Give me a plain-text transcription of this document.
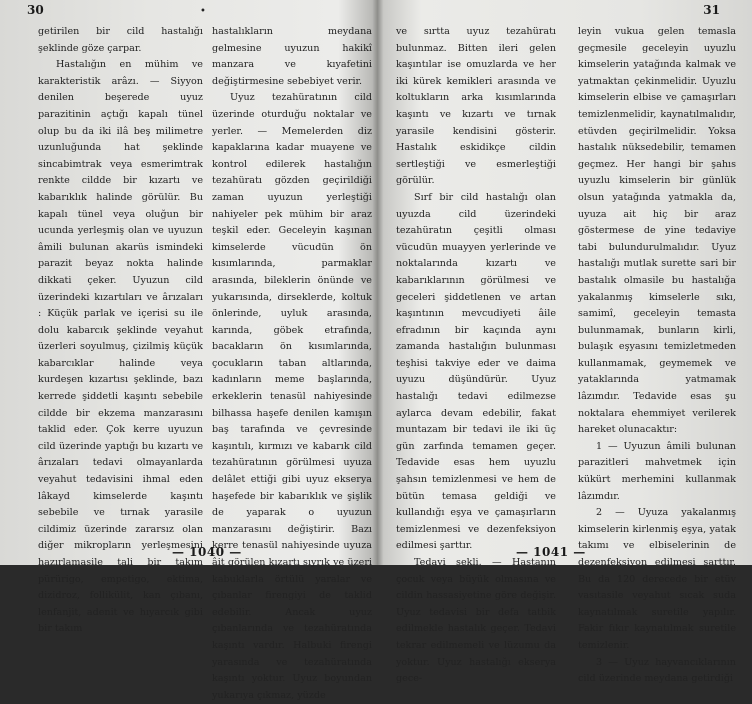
30	•

getirilen bir cild hastalığı şeklinde göze çarpar.

Hastalığın en mühim ve karakteristik arâzı. — Siyyon denilen beşerede uyuz parazitinin açtığı kapalı tünel olup bu da iki ilâ beş milimetre uzunluğunda hat şeklinde sincabimtrak veya esmerimtrak renkte cildde bir kızartı ve kabarıklık halinde görülür. Bu kapalı tünel veya oluğun bir ucunda yerleşmiş olan ve uyuzun âmili bulunan akarüs ismindeki parazit beyaz nokta halinde dikkati çeker. Uyuzun cild üzerindeki kızartıları ve ârızaları : Küçük parlak ve içerisi su ile dolu kabarcık şeklinde veyahut üzerleri soyulmuş, çizilmiş küçük kabarcıklar halinde veya kurdeşen kızartısı şeklinde, bazı kerrede şiddetli kaşıntı sebebile cildde bir ekzema manzarasını taklid eder. Çok kerre uyuzun cild üzerinde yaptığı bu kızartı ve ârızaları tedavi olmayanlarda veyahut tedavisini ihmal eden lâkayd kimselerde kaşıntı sebebile ve tırnak yarasile cildimiz üzerinde zararsız olan diğer mikropların yerleşmesini hazırlamasile tali bir takım pürürigo, empetigo, ektima, dizidroz, follikülit, kan çıbanı, lenfanjit, adenit ve hıyarcık gibi bir takım

hastalıkların meydana gelmesine uyuzun hakikî manzara ve kıyafetini değiştirmesine sebebiyet verir.

Uyuz tezahüratının cild üzerinde oturduğu noktalar ve yerler. — Memelerden diz kapaklarına kadar muayene ve kontrol edilerek hastalığın tezahüratı gözden geçirildiği zaman uyuzun yerleştiği nahiyeler pek mühim bir araz teşkil eder. Geceleyin kaşınan kimselerde vücudün ön kısımlarında, parmaklar arasında, bileklerin önünde ve yukarısında, dirseklerde, koltuk önlerinde, uyluk arasında, karında, göbek etrafında, bacakların ön kısımlarında, çocukların taban altlarında, kadınların meme başlarında, erkeklerin tenasül nahiyesinde bilhassa haşefe denilen kamışın baş tarafında ve çevresinde kaşıntılı, kırmızı ve kabarık cild tezahüratının görülmesi uyuza delâlet ettiği gibi uyuz ekserya haşefede bir kabarıklık ve şişlik de yaparak o uyuzun manzarasını değiştirir. Bazı kerre tenasül nahiyesinde uyuza âit görülen kızartı sıyrık ve üzeri kabuklarla örtülü yaralar ve çıbanlar firengiyi de taklid edebilir. Ancak uyuz çıbanlarında ve tezahüratında kaşıntı vardır. Halbuki firengi yarasında ve tezahüratında kaşıntı yoktur. Uyuz boyundan yukarıya çıkmaz, yüzde

— 1040 —
31

ve sırtta uyuz tezahüratı bulunmaz. Bitten ileri gelen kaşıntılar ise omuzlarda ve her iki kürek kemikleri arasında ve koltukların arka kısımlarında kaşıntı ve kızartı ve tırnak yarasile kendisini gösterir. Hastalık eskidikçe cildin sertleştiği ve esmerleştiği görülür.

Sırf bir cild hastalığı olan uyuzda cild üzerindeki tezahüratın çeşitli olması vücudün muayyen yerlerinde ve noktalarında kızartı ve kabarıklarının görülmesi ve geceleri şiddetlenen ve artan kaşıntının mevcudiyeti âile efradının bir kaçında aynı zamanda hastalığın bulunması teşhisi takviye eder ve daima uyuzu düşündürür. Uyuz hastalığı tedavi edilmezse aylarca devam edebilir, fakat muntazam bir tedavi ile iki üç gün zarfında temamen geçer. Tedavide esas hem uyuzlu şahsın temizlenmesi ve hem de bütün temasa geldiği ve kullandığı eşya ve çamaşırların temizlenmesi ve dezenfeksiyon edilmesi şarttır.

Tedavi şekli. — Hastanın çocuk veya büyük olmasına ve cildin hassasiyetine göre değişir. Uyuz tedavisi bir defa tatbik edilmekle hastalık geçer. Tedavi tekrar edilmemeli ve lüzumu da yoktur. Uyuz hastalığı ekserya gece-

leyin vukua gelen temasla geçmesile geceleyin uyuzlu kimselerin yatağında kalmak ve yatmaktan çekinmelidir. Uyuzlu kimselerin elbise ve çamaşırları temizlenmelidir, kaynatılmalıdır, etüvden geçirilmelidir. Yoksa hastalık nüksedebilir, temamen geçmez. Her hangi bir şahıs uyuzlu kimselerin bir günlük olsun yatağında yatmakla da, uyuza ait hiç bir araz göstermese de yine tedaviye tabi bulundurulmalıdır. Uyuz hastalığı mutlak surette sari bir bastalık olmasile bu hastalığa yakalanmış kimselerle sıkı, samimî, geceleyin temasta bulunmamak, bunların kirli, bulaşık eşyasını temizletmeden kullanmamak, geymemek ve yataklarında yatmamak lâzımdır. Tedavide esas şu noktalara ehemmiyet verilerek hareket olunacaktır:

1 — Uyuzun âmili bulunan parazitleri mahvetmek için kükürt merhemini kullanmak lâzımdır.

2 — Uyuza yakalanmış kimselerin kirlenmiş eşya, yatak takımı ve elbiselerinin de dezenfeksiyon edilmesi şarttır. Bu da 120 derecede bir etüv vasıtasile veyahut sıcak suda kaynatılmak suretile yapılır. Fakir fıkır kaynatılmak suretile temizlenir.

3 — Uyuz hayvancıklarının cild üzerinde meydana getirdiği

— 1041 —
